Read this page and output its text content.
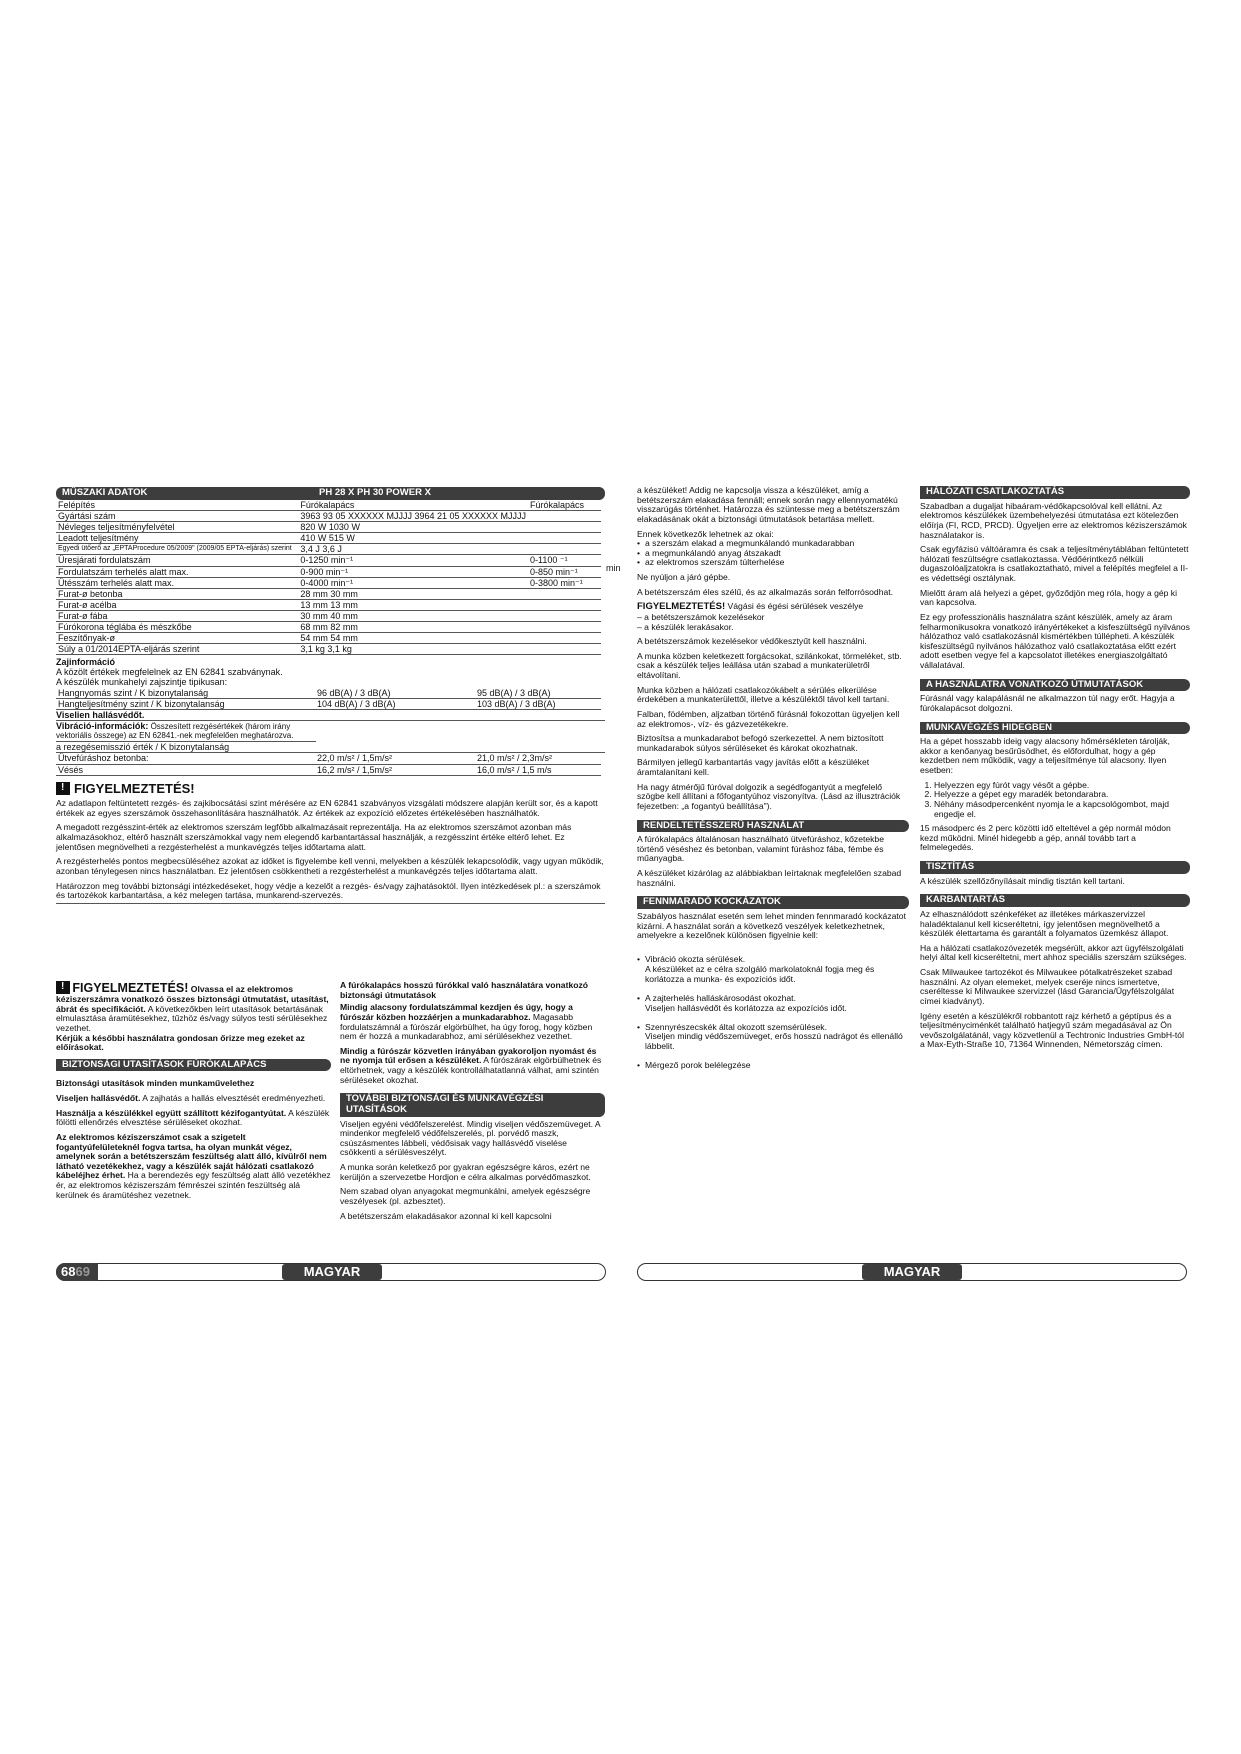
MŰSZAKI ADATOK	PH 28 X PH 30 POWER X
Felépítés	Fúrókalapács	Fúrókalapács
Gyártási szám	3963 93 05 XXXXXX MJJJJ 3964 21 05 XXXXXX MJJJJ	
Névleges teljesítményfelvétel	820 W 1030 W	
Leadott teljesítmény	410 W 515 W	
Egyedi ütőerő az „EPTAProcedure 05/2009" (2009/05 EPTA-eljárás) szerint	3,4 J 3,6 J	
Üresjárati fordulatszám	0-1250 min⁻¹	0-1100 ⁻¹
Fordulatszám terhelés alatt max.	0-900 min⁻¹	0-850 min⁻¹
Ütésszám terhelés alatt max.	0-4000 min⁻¹	0-3800 min⁻¹
Furat-ø betonba	28 mm 30 mm	
Furat-ø acélba	13 mm 13 mm	
Furat-ø fába	30 mm 40 mm	
Fúrókorona téglába és mészkőbe	68 mm 82 mm	
Feszítőnyak-ø	54 mm 54 mm	
Súly a 01/2014EPTA-eljárás szerint	3,1 kg 3,1 kg	
min
Zajinformáció
A közölt értékek megfelelnek az EN 62841 szabványnak.
A készülék munkahelyi zajszintje tipikusan:
Hangnyomás szint / K bizonytalanság	96 dB(A) / 3 dB(A)	95 dB(A) / 3 dB(A)
Hangteljesítmény szint / K bizonytalanság	104 dB(A) / 3 dB(A)	103 dB(A) / 3 dB(A)
Viselien hallásvédőt.
Vibráció-információk: Összesített rezgésértékek (három irány vektoriális összege) az EN 62841.-nek megfelelően meghatározva.
a rezegésemisszió érték / K bizonytalanság
Ütvefúráshoz betonba:	22,0 m/s² / 1,5m/s²	21,0 m/s² / 2,3m/s²
Vésés	16,2 m/s² / 1,5m/s²	16,0 m/s² / 1,5 m/s
!
FIGYELMEZTETÉS!

Az adatlapon feltüntetett rezgés- és zajkibocsátási szint mérésére az EN 62841 szabványos vizsgálati módszere alapján került sor, és a kapott értékek az egyes szerszámok összehasonlítására használhatók. Az értékek az expozíció előzetes értékelésében használhatók.

A megadott rezgésszint-érték az elektromos szerszám legfőbb alkalmazásait reprezentálja. Ha az elektromos szerszámot azonban más alkalmazásokhoz, eltérő használt szerszámokkal vagy nem elegendő karbantartással használják, a rezgésszint értéke eltérő lehet. Ez jelentősen megnövelheti a rezgésterhelést a munkavégzés teljes időtartama alatt.

A rezgésterhelés pontos megbecsüléséhez azokat az időket is figyelembe kell venni, melyekben a készülék lekapcsolódik, vagy ugyan működik, azonban ténylegesen nincs használatban. Ez jelentősen csökkentheti a rezgésterhelést a munkavégzés teljes időtartama alatt.

Határozzon meg további biztonsági intézkedéseket, hogy védje a kezelőt a rezgés- és/vagy zajhatásoktól. Ilyen intézkedések pl.: a szerszámok és tartozékok karbantartása, a kéz melegen tartása, munkarend-szervezés.

! FIGYELMEZTETÉS! Olvassa el az elektromos kéziszerszámra vonatkozó összes biztonsági útmutatást, utasítást, ábrát és specifikációt. A következőkben leírt utasítások betartásának elmulasztása áramütésekhez, tűzhöz és/vagy súlyos testi sérülésekhez vezethet.
Kérjük a későbbi használatra gondosan őrizze meg ezeket az előírásokat.
BIZTONSÁGI UTASÍTÁSOK FÚRÓKALAPÁCS

Biztonsági utasítások minden munkaművelethez

Viseljen hallásvédőt. A zajhatás a hallás elvesztését eredményezheti.

Használja a készülékkel együtt szállított kézifogantyútat. A készülék fölötti ellenőrzés elvesztése sérüléseket okozhat.

Az elektromos kéziszerszámot csak a szigetelt fogantyúfelületeknél fogva tartsa, ha olyan munkát végez, amelynek során a betétszerszám feszültség alatt álló, kívülről nem látható vezetékekhez, vagy a készülék saját hálózati csatlakozó kábeléjhez érhet. Ha a berendezés egy feszültség alatt álló vezetékhez ér, az elektromos kéziszerszám fémrészei szintén feszültség alá kerülnek és áramütéshez vezetnek.

A fúrókalapács hosszú fúrókkal való használatára vonatkozó biztonsági útmutatások

Mindig alacsony fordulatszámmal kezdjen és úgy, hogy a fúrószár közben hozzáérjen a munkadarabhoz. Magasabb fordulatszámnál a fúrószár elgörbülhet, ha úgy forog, hogy közben nem ér hozzá a munkadarabhoz, ami sérülésekhez vezethet.

Mindig a fúrószár közvetlen irányában gyakoroljon nyomást és ne nyomja túl erősen a készüléket. A fúrószárak elgörbülhetnek és eltörhetnek, vagy a készülék kontrollálhatatlanná válhat, ami szintén sérüléseket okozhat.

TOVÁBBI BIZTONSÁGI ÉS MUNKAVÉGZÉSI UTASÍTÁSOK

Viseljen egyéni védőfelszerelést. Mindig viseljen védőszemüveget. A mindenkor megfelelő védőfelszerelés, pl. porvédő maszk, csúszásmentes lábbeli, védősisak vagy hallásvédő viselése csökkenti a sérülésveszélyt.

A munka során keletkező por gyakran egészségre káros, ezért ne kerüljön a szervezetbe Hordjon e célra alkalmas porvédőmaszkot.

Nem szabad olyan anyagokat megmunkálni, amelyek egészségre veszélyesek (pl. azbesztet).

A betétszerszám elakadásakor azonnal ki kell kapcsolni

a készüléket! Addig ne kapcsolja vissza a készüléket, amíg a betétszerszám elakadása fennáll; ennek során nagy ellennyomatékú visszarúgás történhet. Határozza és szüntesse meg a betétszerszám elakadásának okát a biztonsági útmutatások betartása mellett.

Ennek következők lehetnek az okai:

• a szerszám elakad a megmunkálandó munkadarabban
• a megmunkálandó anyag átszakadt
• az elektromos szerszám túlterhelése

Ne nyúljon a járó gépbe.

A betétszerszám éles szélű, és az alkalmazás során felforrósodhat.

FIGYELMEZTETÉS! Vágási és égési sérülések veszélye

– a betétszerszámok kezelésekor
– a készülék lerakásakor.

A betétszerszámok kezelésekor védőkesztyűt kell használni.

A munka közben keletkezett forgácsokat, szilánkokat, törmeléket, stb. csak a készülék teljes leállása után szabad a munkaterületről eltávolítani.

Munka közben a hálózati csatlakozókábelt a sérülés elkerülése érdekében a munkaterülettől, illetve a készüléktől távol kell tartani.

Falban, födémben, aljzatban történő fúrásnál fokozottan ügyeljen kell az elektromos-, víz- és gázvezetékekre.

Biztosítsa a munkadarabot befogó szerkezettel. A nem biztosított munkadarabok súlyos sérüléseket és károkat okozhatnak.

Bármilyen jellegű karbantartás vagy javítás előtt a készüléket áramtalanítani kell.

Ha nagy átmérőjű fúróval dolgozik a segédfogantyút a megfelelő szögbe kell állítani a főfogantyúhoz viszonyítva. (Lásd az illusztrációk fejezetben: „a fogantyú beállítása").

RENDELTETÉSSZERŰ HASZNÁLAT

A fúrókalapács általánosan használható ütvefúráshoz, kőzetekbe történő véséshez és betonban, valamint fúráshoz fába, fémbe és műanyagba.

A készüléket kizárólag az alábbiakban leírtaknak megfelelően szabad használni.

FENNMARADÓ KOCKÁZATOK

Szabályos használat esetén sem lehet minden fennmaradó kockázatot kizárni. A használat során a következő veszélyek keletkezhetnek, amelyekre a kezelőnek különösen figyelnie kell:

• Vibráció okozta sérülések.
A készüléket az e célra szolgáló markolatoknál fogja meg és korlátozza a munka- és expozíciós időt.

• A zajterhelés halláskárosodást okozhat.
Viseljen hallásvédőt és korlátozza az expozíciós időt.

• Szennyrészecskék által okozott szemsérülések.
Viseljen mindig védőszemüveget, erős hosszú nadrágot és ellenálló lábbelit.

• Mérgező porok belélegzése

HÁLÓZATI CSATLAKOZTATÁS

Szabadban a dugaljat hibaáram-védőkapcsolóval kell ellátni. Az elektromos készülékek üzembehelyezési útmutatása ezt kötelezően előírja (FI, RCD, PRCD). Ügyeljen erre az elektromos kéziszerszámok használatakor is.

Csak egyfázisú váltóáramra és csak a teljesítménytáblában feltüntetett hálózati feszültségre csatlakoztassa. Védőérintkező nélküli dugaszolóaljzatokra is csatlakoztatható, mivel a felépítés megfelel a II-es védettségi osztálynak.

Mielőtt áram alá helyezi a gépet, győződjön meg róla, hogy a gép ki van kapcsolva.

Ez egy professzionális használatra szánt készülék, amely az áram felharmonikusokra vonatkozó irányértékeket a kisfeszültségű nyilvános hálózathoz való csatlakozásnál kismértékben túllépheti. A készülék kisfeszültségű nyilvános hálózathoz való csatlakoztatása előtt ezért adott esetben vegye fel a kapcsolatot illetékes energiaszolgáltató vállalatával.

A HASZNÁLATRA VONATKOZÓ ÚTMUTATÁSOK

Fúrásnál vagy kalapálásnál ne alkalmazzon túl nagy erőt. Hagyja a fúrókalapácsot dolgozni.

MUNKAVÉGZÉS HIDEGBEN

Ha a gépet hosszabb ideig vagy alacsony hőmérsékleten tárolják, akkor a kenőanyag besűrűsödhet, és előfordulhat, hogy a gép kezdetben nem működik, vagy a teljesítménye túl alacsony. Ilyen esetben:

1. Helyezzen egy fúrót vagy vésőt a gépbe.
2. Helyezze a gépet egy maradék betondarabra.
3. Néhány másodpercenként nyomja le a kapcsológombot, majd engedje el.

15 másodperc és 2 perc közötti idő elteltével a gép normál módon kezd működni. Minél hidegebb a gép, annál tovább tart a felmelegedés.

TISZTÍTÁS

A készülék szellőzőnyílásait mindig tisztán kell tartani.

KARBANTARTÁS

Az elhasználódott szénkeféket az illetékes márkaszervizzel haladéktalanul kell kicseréltetni, így jelentősen megnövelhető a készülék élettartama és garantált a folyamatos üzemkész állapot.

Ha a hálózati csatlakozóvezeték megsérült, akkor azt ügyfélszolgálati helyi által kell kicseréltetni, mert ahhoz speciális szerszám szükséges.

Csak Milwaukee tartozékot és Milwaukee pótalkatrészeket szabad használni. Az olyan elemeket, melyek cseréje nincs ismertetve, cseréltesse ki Milwaukee szervizzel (lásd Garancia/Ügyfélszolgálat címei kiadványt).

Igény esetén a készülékről robbantott rajz kérhető a géptípus és a teljesítményciménkét található hatjegyű szám megadásával az Ön vevőszolgálatánál, vagy közvetlenül a Techtronic Industries GmbH-tól a Max-Eyth-Straße 10, 71364 Winnenden, Németország címen.

6869	MAGYAR	MAGYAR
